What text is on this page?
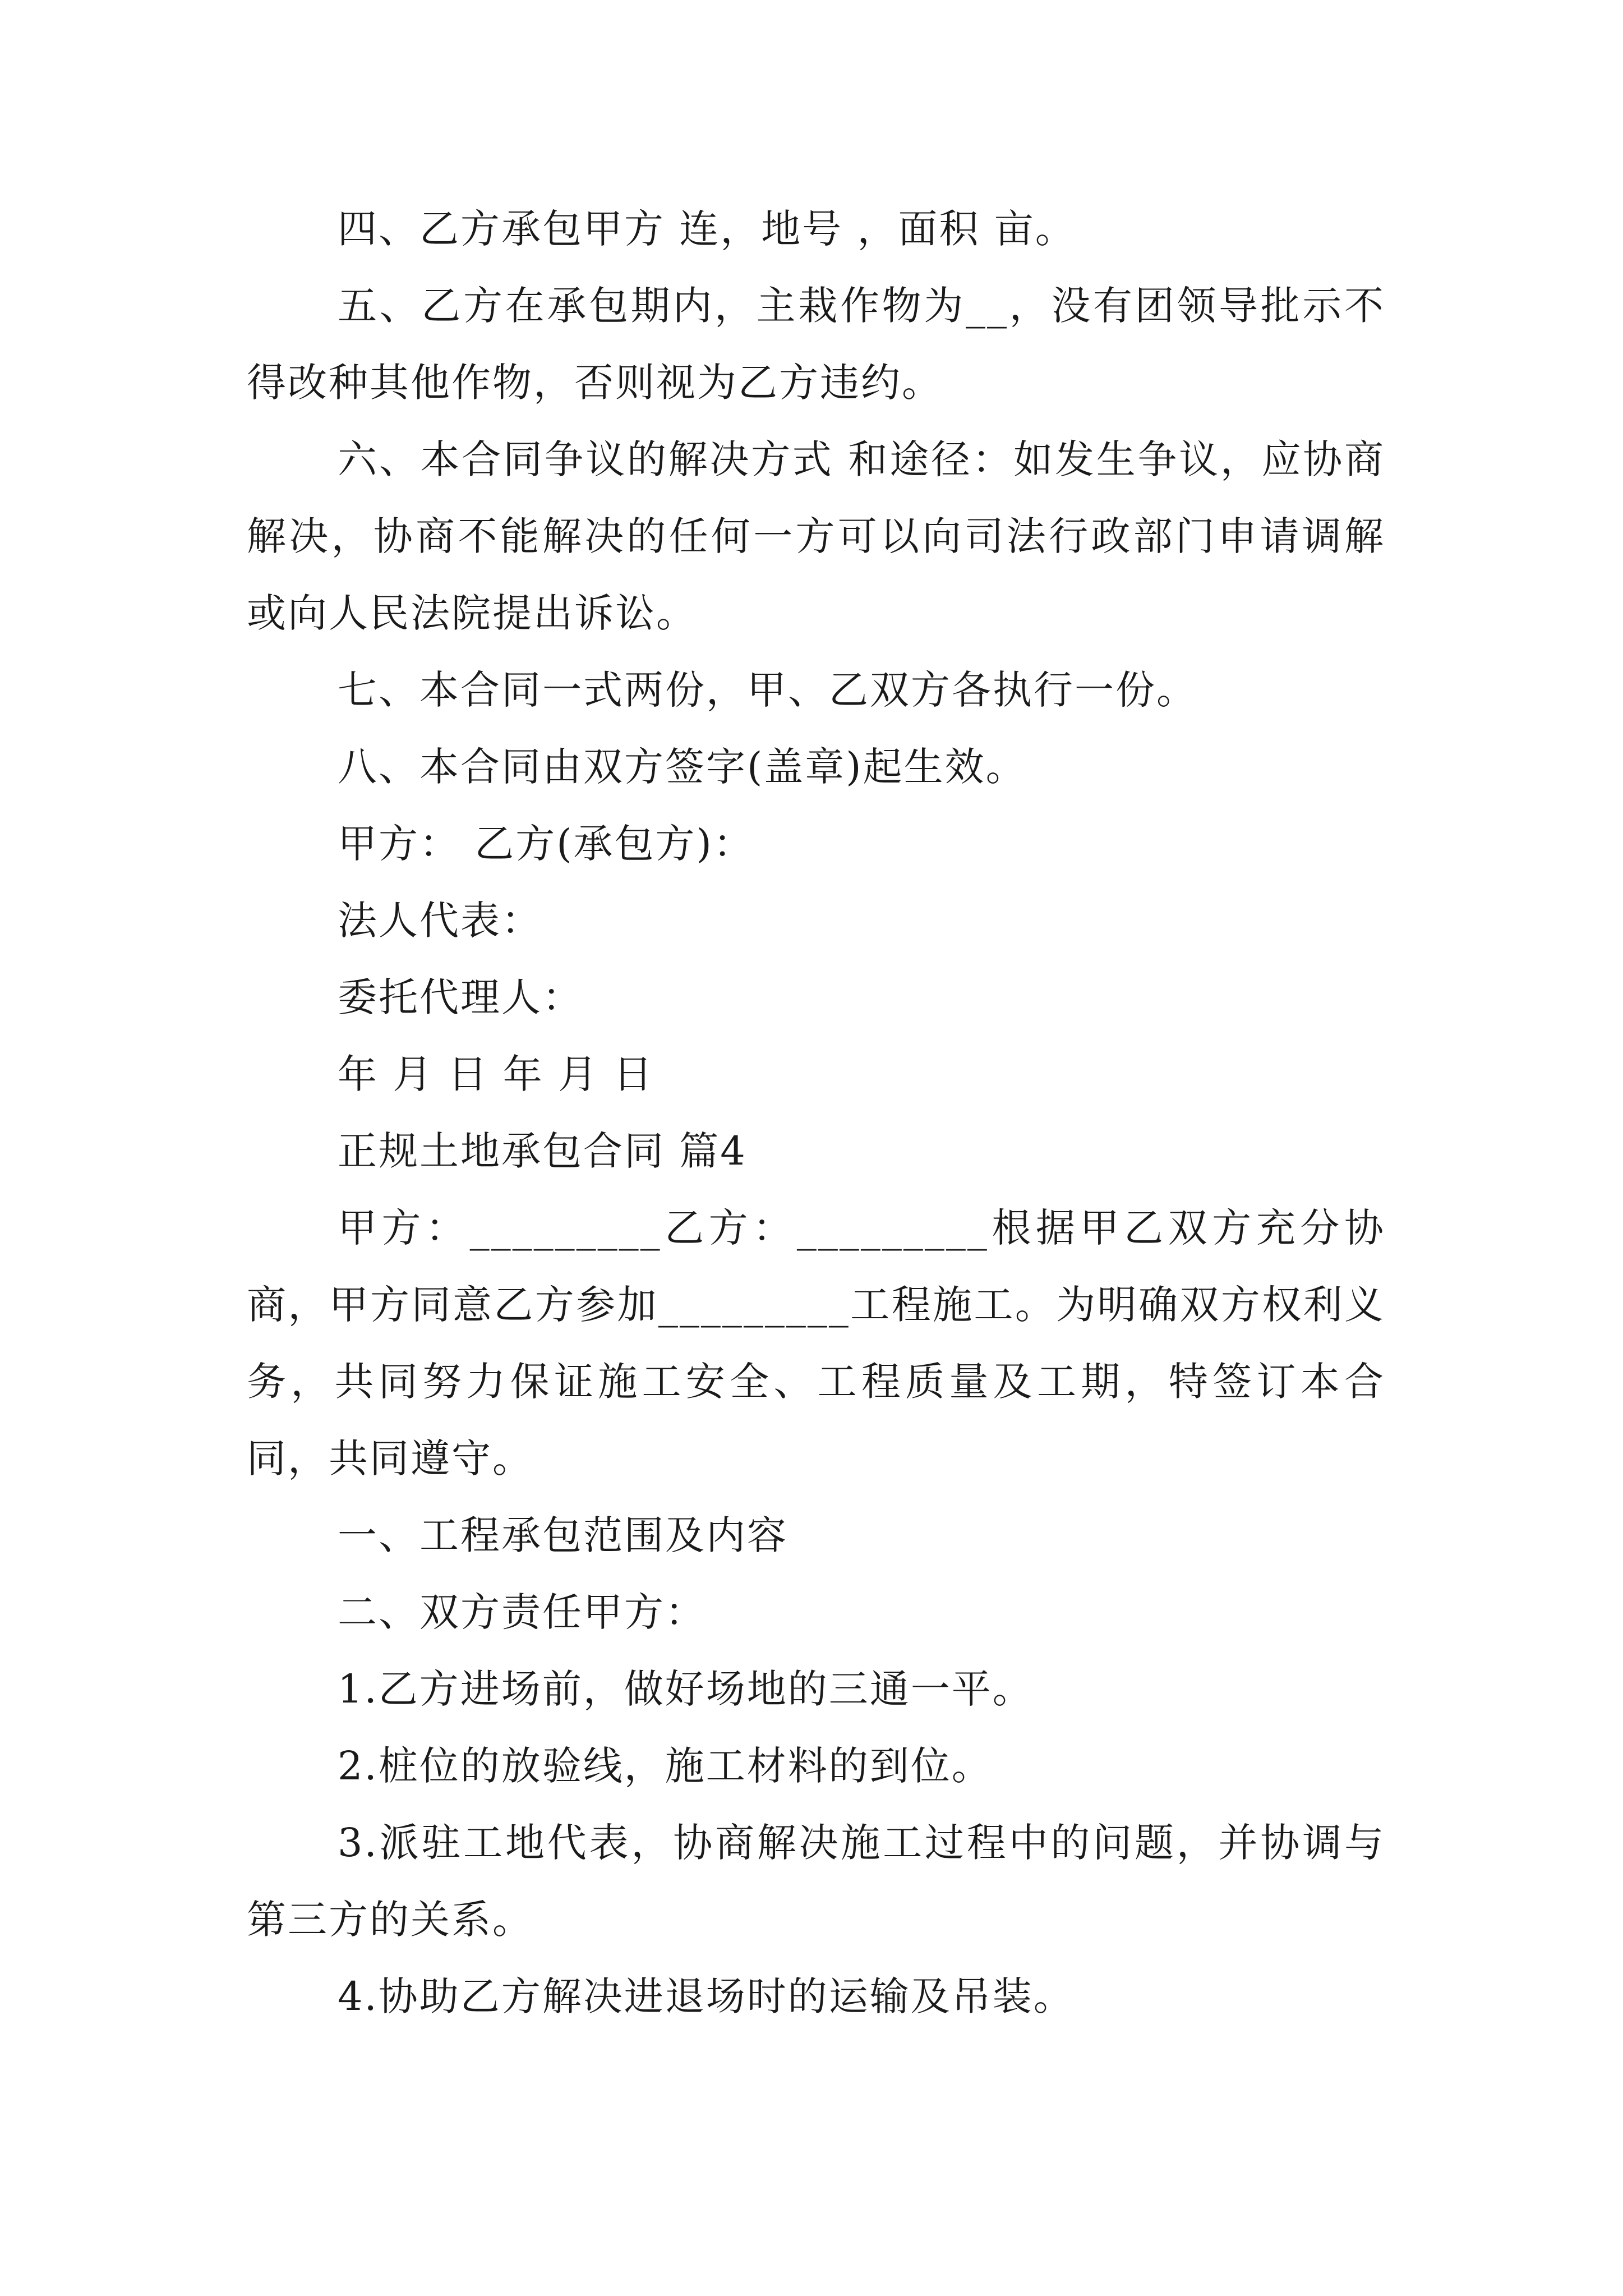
四、乙方承包甲方 连，地号 ，面积 亩。

五、乙方在承包期内，主栽作物为__，没有团领导批示不得改种其他作物，否则视为乙方违约。

六、本合同争议的解决方式 和途径：如发生争议，应协商解决，协商不能解决的任何一方可以向司法行政部门申请调解或向人民法院提出诉讼。

七、本合同一式两份，甲、乙双方各执行一份。

八、本合同由双方签字(盖章)起生效。

甲方： 乙方(承包方)：

法人代表：

委托代理人：

年 月 日 年 月 日

正规土地承包合同 篇4

甲方：_________乙方：_________根据甲乙双方充分协商，甲方同意乙方参加_________工程施工。为明确双方权利义务，共同努力保证施工安全、工程质量及工期，特签订本合同，共同遵守。

一、工程承包范围及内容

二、双方责任甲方：

1.乙方进场前，做好场地的三通一平。

2.桩位的放验线，施工材料的到位。

3.派驻工地代表，协商解决施工过程中的问题，并协调与第三方的关系。

4.协助乙方解决进退场时的运输及吊装。
